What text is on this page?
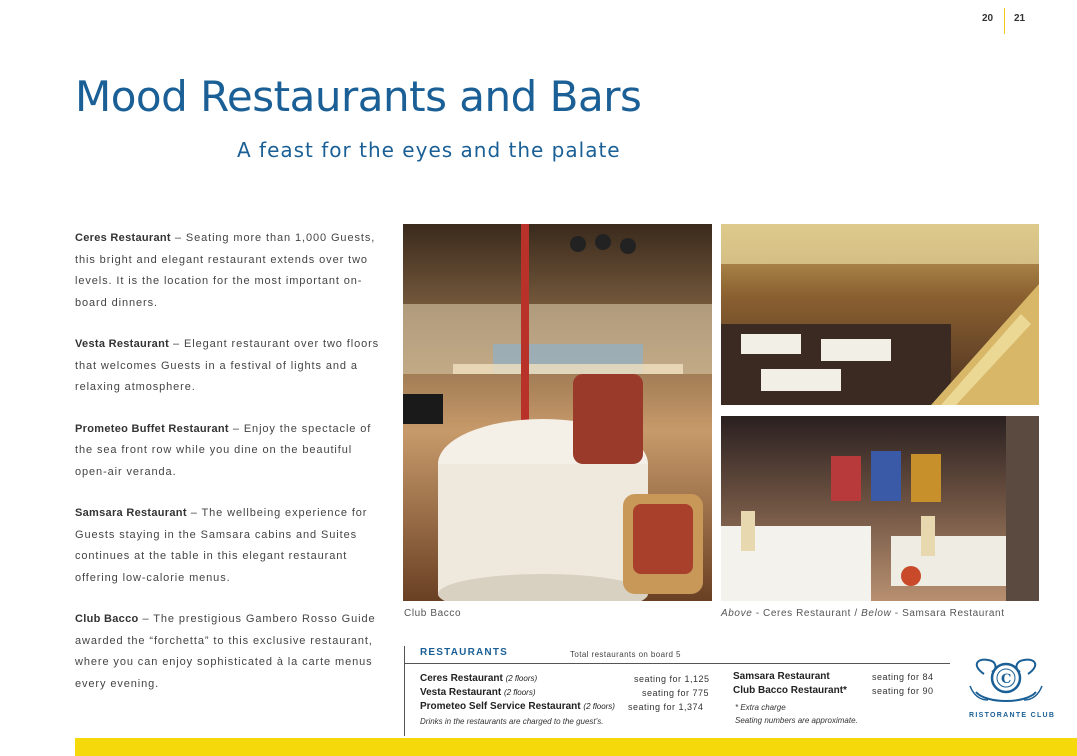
20 21
Mood Restaurants and Bars
A feast for the eyes and the palate

Ceres Restaurant – Seating more than 1,000 Guests, this bright and elegant restaurant extends over two levels. It is the location for the most important on-board dinners.

Vesta Restaurant – Elegant restaurant over two floors that welcomes Guests in a festival of lights and a relaxing atmosphere.

Prometeo Buffet Restaurant – Enjoy the spectacle of the sea front row while you dine on the beautiful open-air veranda.

Samsara Restaurant – The wellbeing experience for Guests staying in the Samsara cabins and Suites continues at the table in this elegant restaurant offering low-calorie menus.

Club Bacco – The prestigious Gambero Rosso Guide awarded the “forchetta” to this exclusive restaurant, where you can enjoy sophisticated à la carte menus every evening.

Club Bacco	Above - Ceres Restaurant / Below - Samsara Restaurant
RESTAURANTS	Total restaurants on board 5
Ceres Restaurant (2 floors)	seating for 1,125
Vesta Restaurant (2 floors)	seating for 775
Prometeo Self Service Restaurant (2 floors) seating for 1,374
Drinks in the restaurants are charged to the guest’s.
Samsara Restaurant	seating for 84
Club Bacco Restaurant*	seating for 90
* Extra charge
Seating numbers are approximate.
C
RISTORANTE CLUB
